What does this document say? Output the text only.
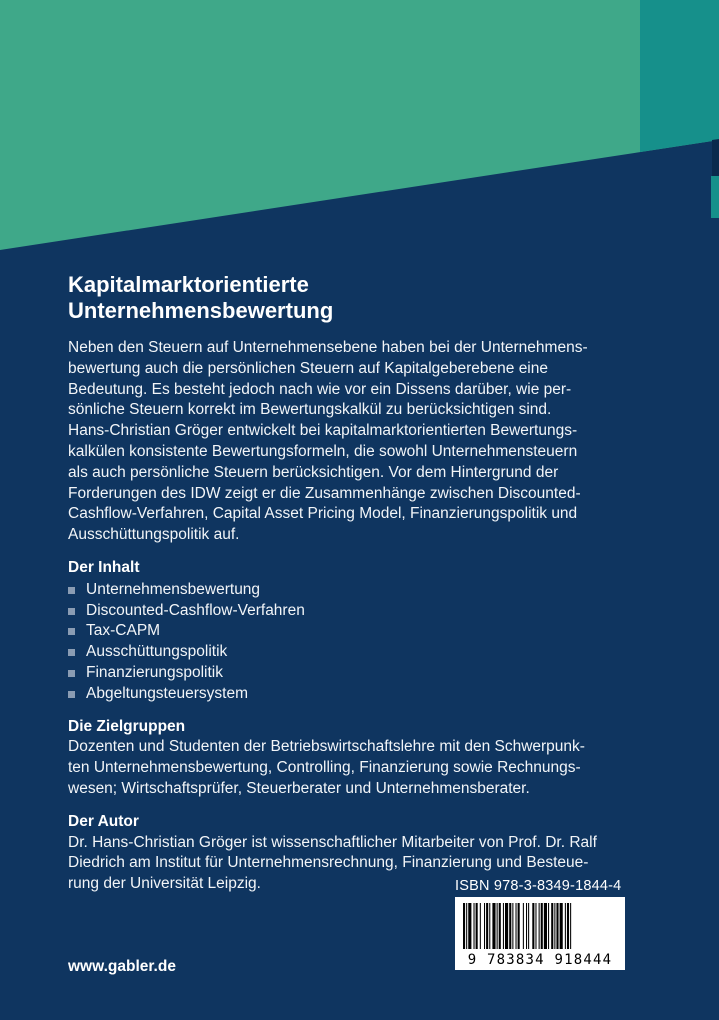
Kapitalmarktorientierte
Unternehmensbewertung

Neben den Steuern auf Unternehmensebene haben bei der Unternehmens-

bewertung auch die persönlichen Steuern auf Kapitalgeberebene eine

Bedeutung. Es besteht jedoch nach wie vor ein Dissens darüber, wie per-

sönliche Steuern korrekt im Bewertungskalkül zu berücksichtigen sind.

Hans-Christian Gröger entwickelt bei kapitalmarktorientierten Bewertungs-

kalkülen konsistente Bewertungsformeln, die sowohl Unternehmensteuern

als auch persönliche Steuern berücksichtigen. Vor dem Hintergrund der

Forderungen des IDW zeigt er die Zusammenhänge zwischen Discounted-

Cashflow-Verfahren, Capital Asset Pricing Model, Finanzierungspolitik und

Ausschüttungspolitik auf.

Der Inhalt
Unternehmensbewertung
Discounted-Cashflow-Verfahren
Tax-CAPM
Ausschüttungspolitik
Finanzierungspolitik
Abgeltungsteuersystem
Die Zielgruppen

Dozenten und Studenten der Betriebswirtschaftslehre mit den Schwerpunk-

ten Unternehmensbewertung, Controlling, Finanzierung sowie Rechnungs-

wesen; Wirtschaftsprüfer, Steuerberater und Unternehmensberater.

Der Autor

Dr. Hans-Christian Gröger ist wissenschaftlicher Mitarbeiter von Prof. Dr. Ralf

Diedrich am Institut für Unternehmensrechnung, Finanzierung und Besteue-

rung der Universität Leipzig.	ISBN 978-3-8349-1844-4
9 783834 918444
www.gabler.de
